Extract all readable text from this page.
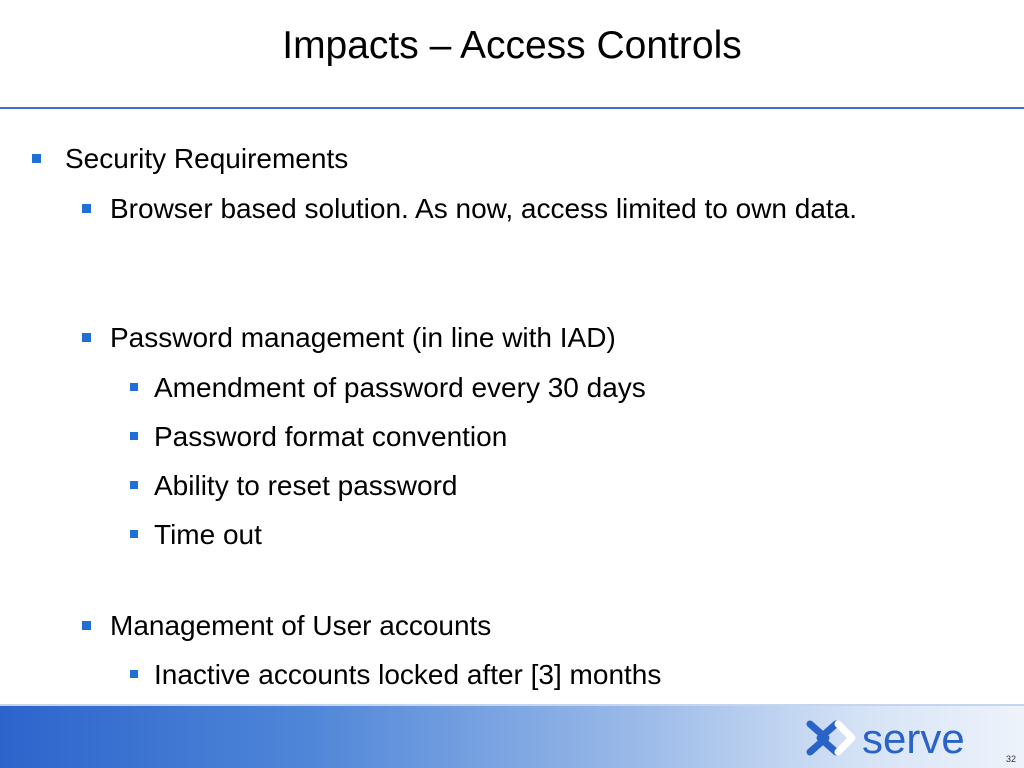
Impacts – Access Controls
Security Requirements
Browser based solution. As now, access limited to own data.
Password management (in line with IAD)
Amendment of password every 30 days
Password format convention
Ability to reset password
Time out
Management of User accounts
Inactive accounts locked after [3] months
serve	32
